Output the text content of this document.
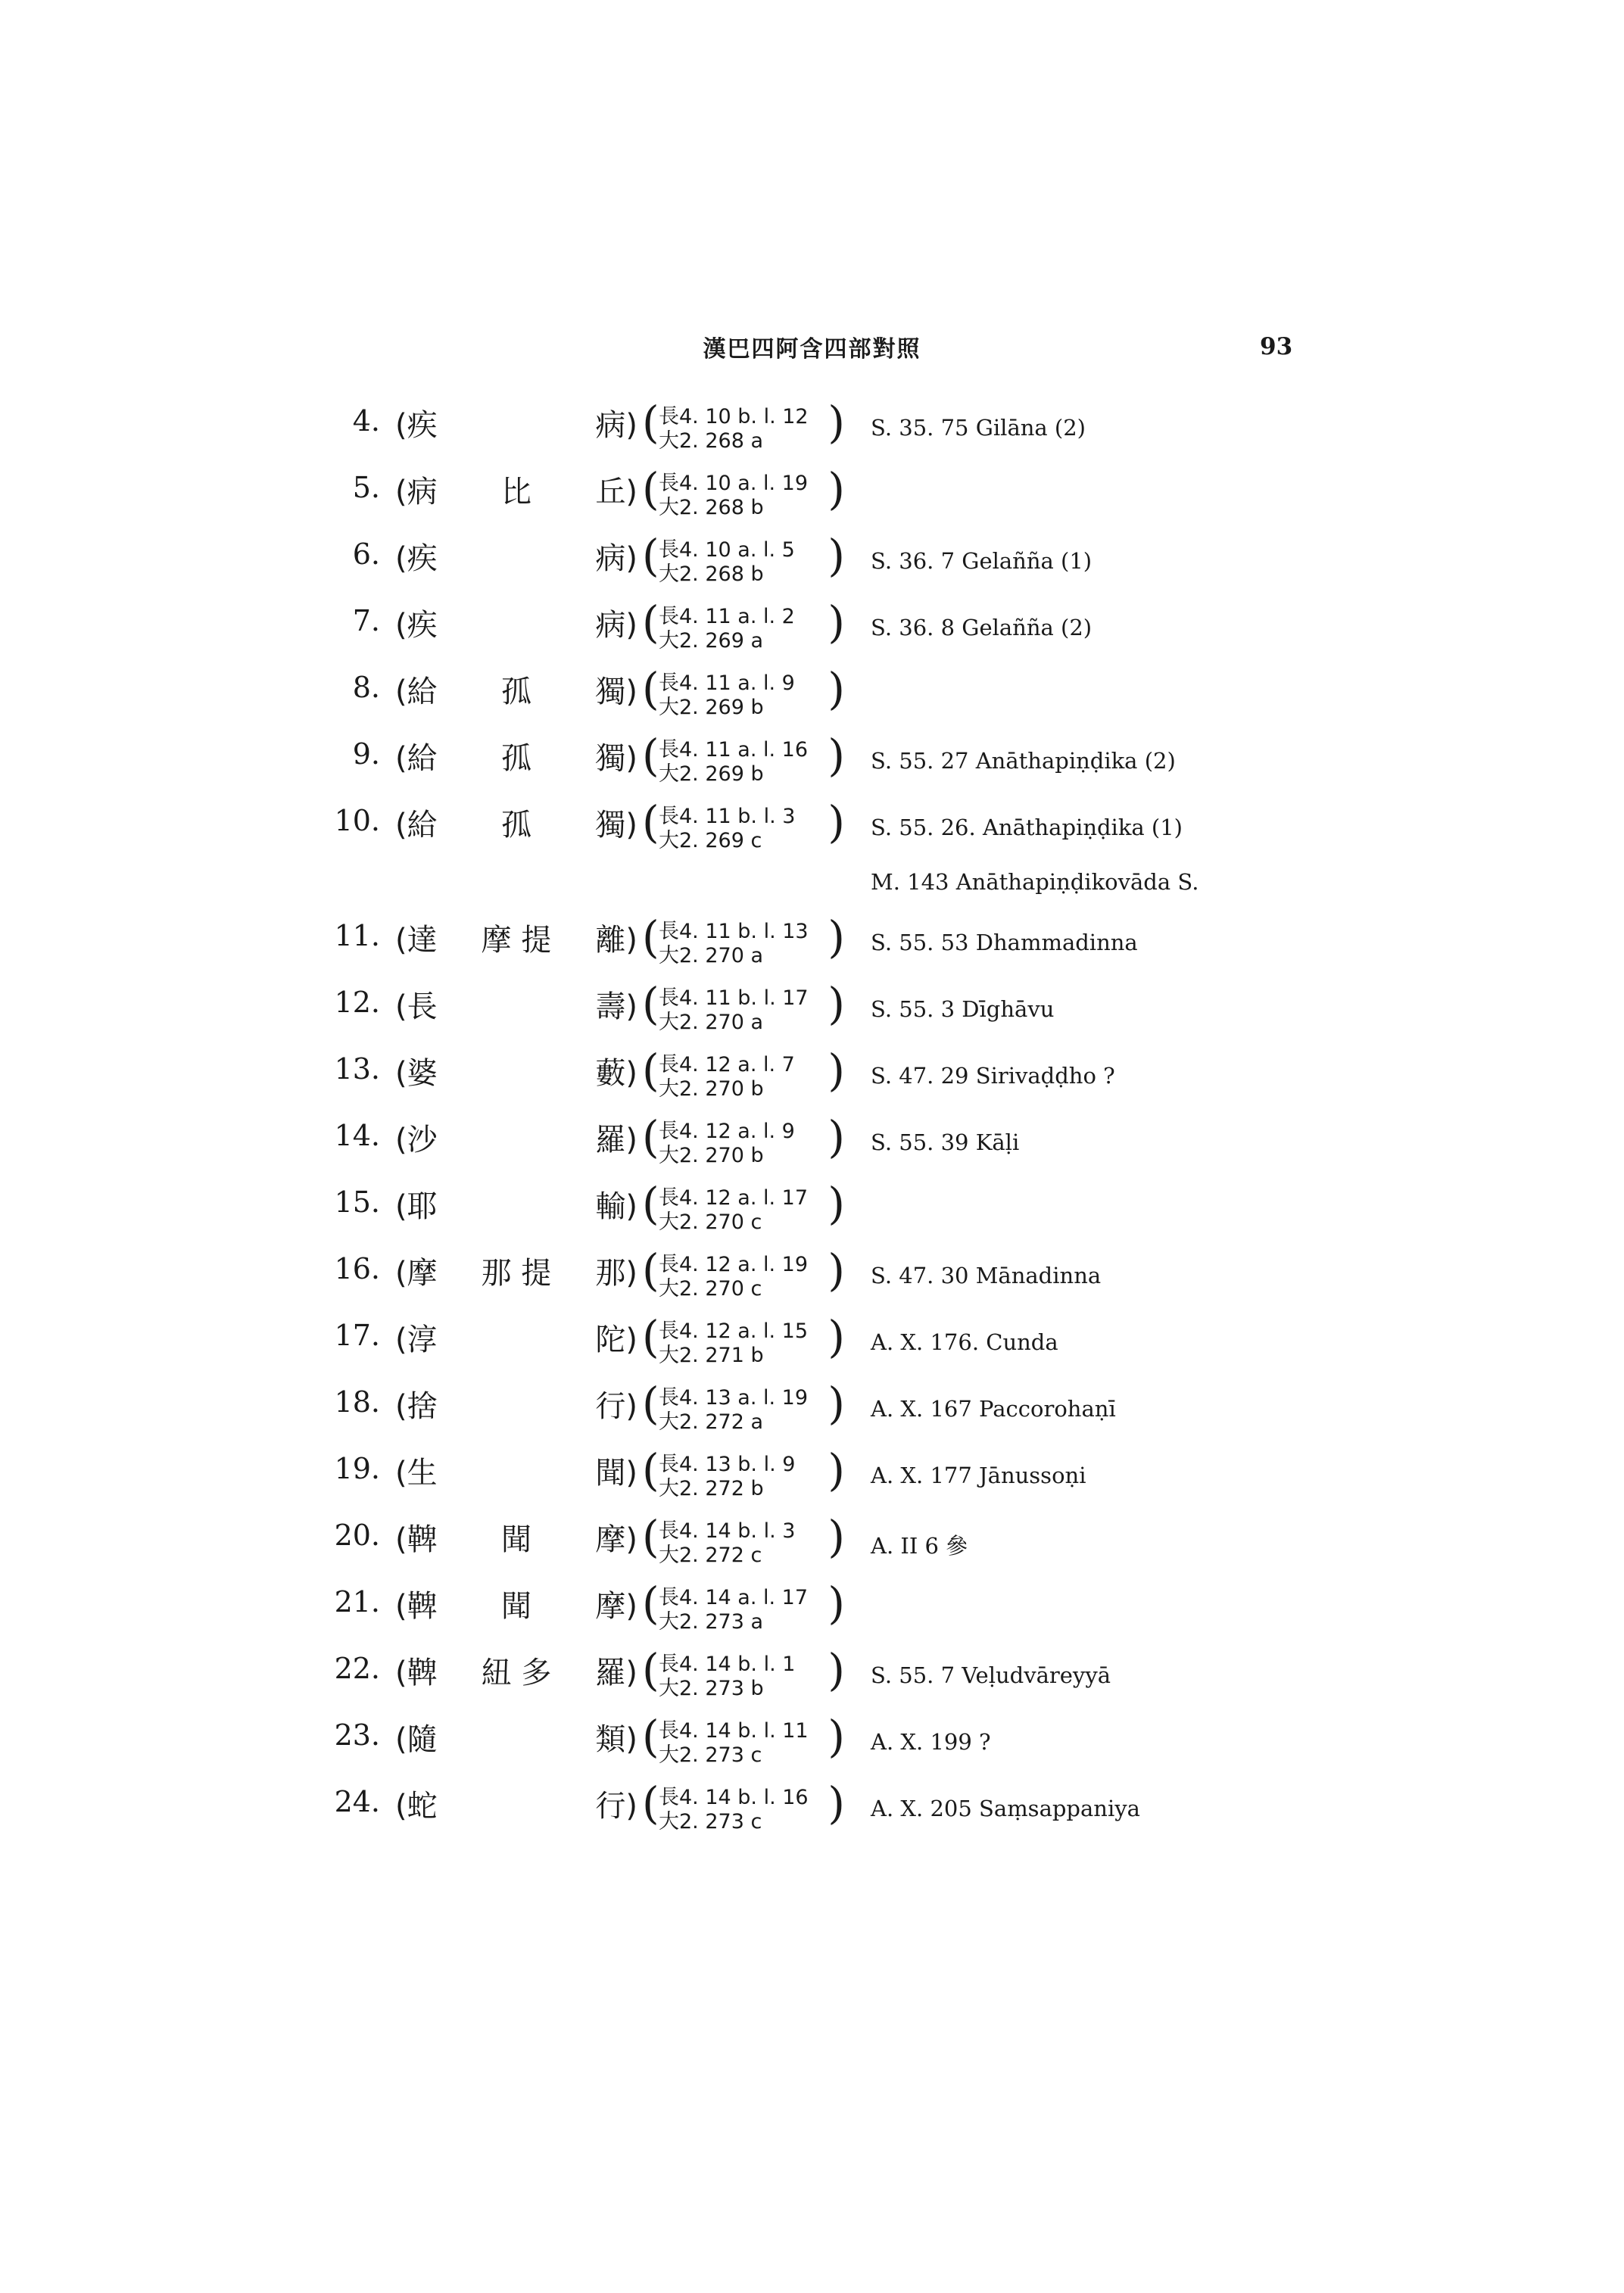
漢巴四阿含四部對照	93
4. (疾	病) ( 長4. 10 b. l. 12
大2. 268 a ) S. 35. 75 Gilāna (2)
5. (病 比 丘) ( 長4. 10 a. l. 19
大2. 268 b )
6. (疾	病) ( 長4. 10 a. l. 5
大2. 268 b ) S. 36. 7 Gelañña (1)
7. (疾	病) ( 長4. 11 a. l. 2
大2. 269 a ) S. 36. 8 Gelañña (2)
8. (給 孤 獨) ( 長4. 11 a. l. 9
大2. 269 b )
9. (給 孤 獨) ( 長4. 11 a. l. 16
大2. 269 b ) S. 55. 27 Anāthapiṇḍika (2)
10. (給 孤 獨) ( 長4. 11 b. l. 3
大2. 269 c ) S. 55. 26. Anāthapiṇḍika (1)
M. 143 Anāthapiṇḍikovāda S.
11. (達 摩 提 離) ( 長4. 11 b. l. 13
大2. 270 a ) S. 55. 53 Dhammadinna
12. (長	壽) ( 長4. 11 b. l. 17
大2. 270 a ) S. 55. 3 Dīghāvu
13. (婆	藪) ( 長4. 12 a. l. 7
大2. 270 b ) S. 47. 29 Sirivaḍḍho ?
14. (沙	羅) ( 長4. 12 a. l. 9
大2. 270 b ) S. 55. 39 Kāḷi
15. (耶	輸) ( 長4. 12 a. l. 17
大2. 270 c )
16. (摩 那 提 那) ( 長4. 12 a. l. 19
大2. 270 c ) S. 47. 30 Mānadinna
17. (淳	陀) ( 長4. 12 a. l. 15
大2. 271 b ) A. X. 176. Cunda
18. (捨	行) ( 長4. 13 a. l. 19
大2. 272 a ) A. X. 167 Paccorohaṇī
19. (生	聞) ( 長4. 13 b. l. 9
大2. 272 b ) A. X. 177 Jānussoṇi
20. (鞞 聞 摩) ( 長4. 14 b. l. 3
大2. 272 c ) A. II 6 參
21. (鞞 聞 摩) ( 長4. 14 a. l. 17
大2. 273 a )
22. (鞞 紐 多 羅) ( 長4. 14 b. l. 1
大2. 273 b ) S. 55. 7 Veḷudvāreyyā
23. (隨	類) ( 長4. 14 b. l. 11
大2. 273 c ) A. X. 199 ?
24. (蛇	行) ( 長4. 14 b. l. 16
大2. 273 c ) A. X. 205 Saṃsappaniya
